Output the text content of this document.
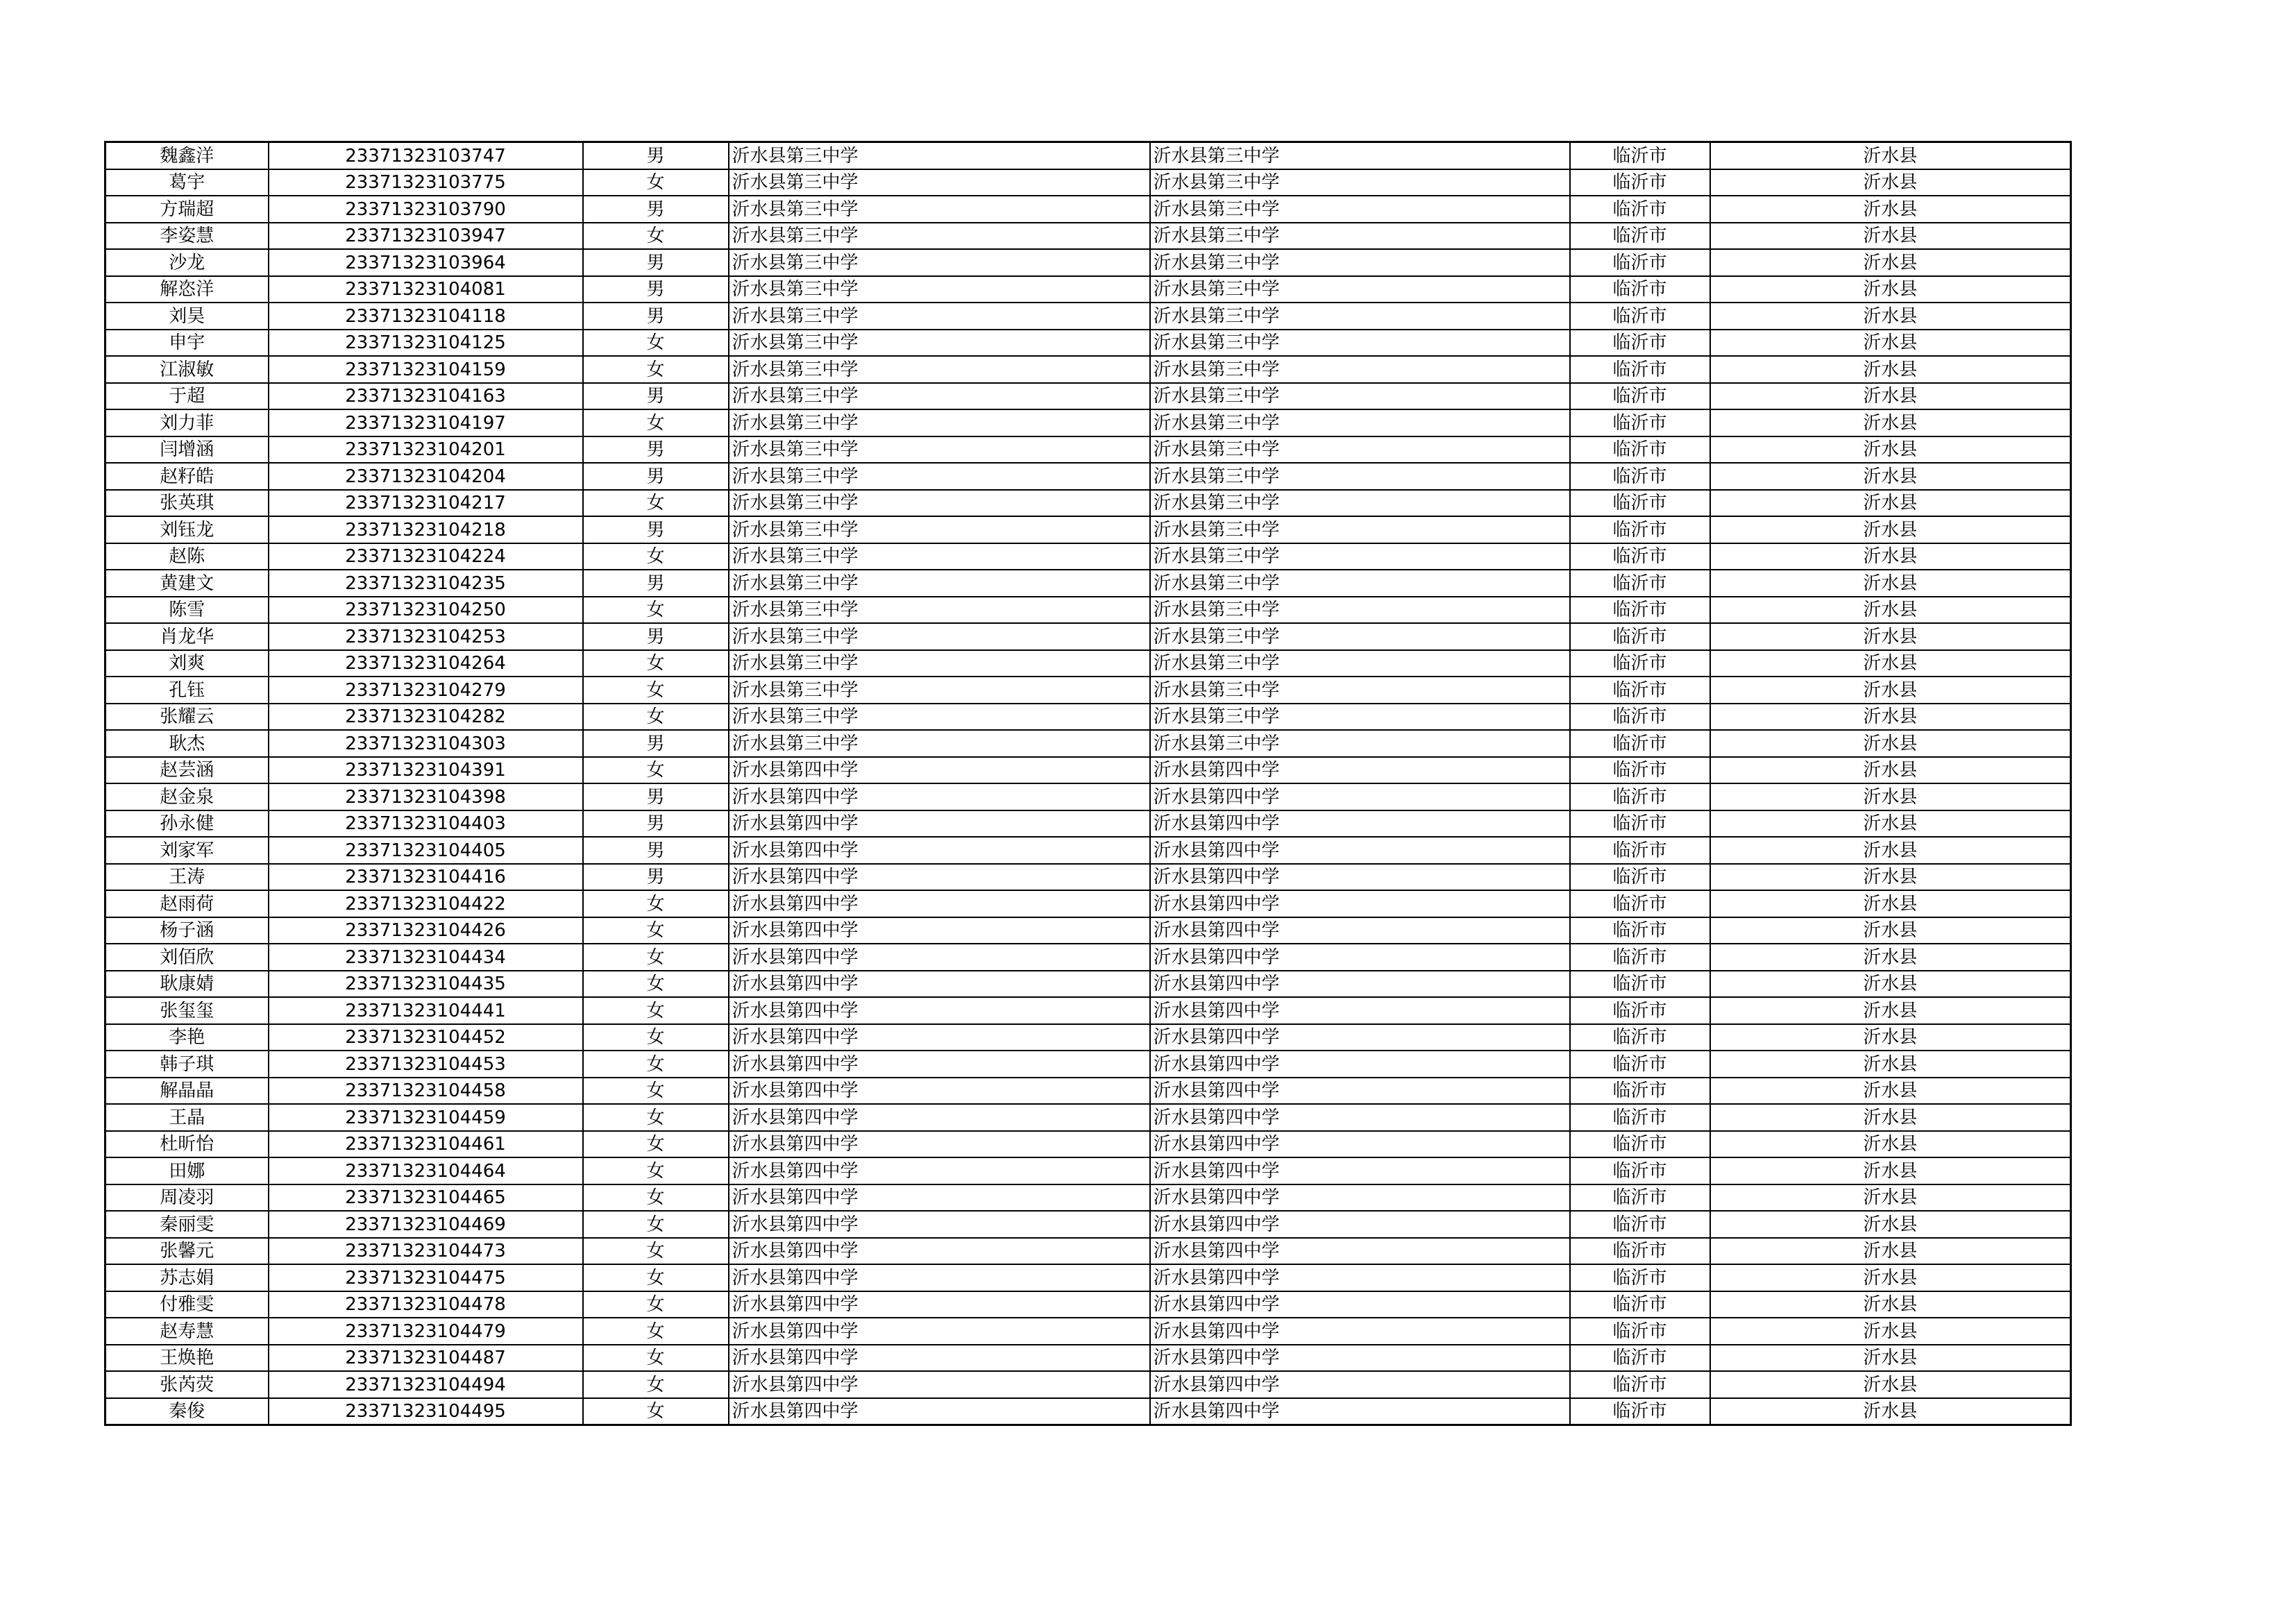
魏鑫洋	23371323103747	男	沂水县第三中学	沂水县第三中学	临沂市	沂水县
葛宇	23371323103775	女	沂水县第三中学	沂水县第三中学	临沂市	沂水县
方瑞超	23371323103790	男	沂水县第三中学	沂水县第三中学	临沂市	沂水县
李姿慧	23371323103947	女	沂水县第三中学	沂水县第三中学	临沂市	沂水县
沙龙	23371323103964	男	沂水县第三中学	沂水县第三中学	临沂市	沂水县
解恣洋	23371323104081	男	沂水县第三中学	沂水县第三中学	临沂市	沂水县
刘昊	23371323104118	男	沂水县第三中学	沂水县第三中学	临沂市	沂水县
申宇	23371323104125	女	沂水县第三中学	沂水县第三中学	临沂市	沂水县
江淑敏	23371323104159	女	沂水县第三中学	沂水县第三中学	临沂市	沂水县
于超	23371323104163	男	沂水县第三中学	沂水县第三中学	临沂市	沂水县
刘力菲	23371323104197	女	沂水县第三中学	沂水县第三中学	临沂市	沂水县
闫增涵	23371323104201	男	沂水县第三中学	沂水县第三中学	临沂市	沂水县
赵籽皓	23371323104204	男	沂水县第三中学	沂水县第三中学	临沂市	沂水县
张英琪	23371323104217	女	沂水县第三中学	沂水县第三中学	临沂市	沂水县
刘钰龙	23371323104218	男	沂水县第三中学	沂水县第三中学	临沂市	沂水县
赵陈	23371323104224	女	沂水县第三中学	沂水县第三中学	临沂市	沂水县
黄建文	23371323104235	男	沂水县第三中学	沂水县第三中学	临沂市	沂水县
陈雪	23371323104250	女	沂水县第三中学	沂水县第三中学	临沂市	沂水县
肖龙华	23371323104253	男	沂水县第三中学	沂水县第三中学	临沂市	沂水县
刘爽	23371323104264	女	沂水县第三中学	沂水县第三中学	临沂市	沂水县
孔钰	23371323104279	女	沂水县第三中学	沂水县第三中学	临沂市	沂水县
张耀云	23371323104282	女	沂水县第三中学	沂水县第三中学	临沂市	沂水县
耿杰	23371323104303	男	沂水县第三中学	沂水县第三中学	临沂市	沂水县
赵芸涵	23371323104391	女	沂水县第四中学	沂水县第四中学	临沂市	沂水县
赵金泉	23371323104398	男	沂水县第四中学	沂水县第四中学	临沂市	沂水县
孙永健	23371323104403	男	沂水县第四中学	沂水县第四中学	临沂市	沂水县
刘家军	23371323104405	男	沂水县第四中学	沂水县第四中学	临沂市	沂水县
王涛	23371323104416	男	沂水县第四中学	沂水县第四中学	临沂市	沂水县
赵雨荷	23371323104422	女	沂水县第四中学	沂水县第四中学	临沂市	沂水县
杨子涵	23371323104426	女	沂水县第四中学	沂水县第四中学	临沂市	沂水县
刘佰欣	23371323104434	女	沂水县第四中学	沂水县第四中学	临沂市	沂水县
耿康婧	23371323104435	女	沂水县第四中学	沂水县第四中学	临沂市	沂水县
张玺玺	23371323104441	女	沂水县第四中学	沂水县第四中学	临沂市	沂水县
李艳	23371323104452	女	沂水县第四中学	沂水县第四中学	临沂市	沂水县
韩子琪	23371323104453	女	沂水县第四中学	沂水县第四中学	临沂市	沂水县
解晶晶	23371323104458	女	沂水县第四中学	沂水县第四中学	临沂市	沂水县
王晶	23371323104459	女	沂水县第四中学	沂水县第四中学	临沂市	沂水县
杜昕怡	23371323104461	女	沂水县第四中学	沂水县第四中学	临沂市	沂水县
田娜	23371323104464	女	沂水县第四中学	沂水县第四中学	临沂市	沂水县
周凌羽	23371323104465	女	沂水县第四中学	沂水县第四中学	临沂市	沂水县
秦丽雯	23371323104469	女	沂水县第四中学	沂水县第四中学	临沂市	沂水县
张馨元	23371323104473	女	沂水县第四中学	沂水县第四中学	临沂市	沂水县
苏志娟	23371323104475	女	沂水县第四中学	沂水县第四中学	临沂市	沂水县
付雅雯	23371323104478	女	沂水县第四中学	沂水县第四中学	临沂市	沂水县
赵寿慧	23371323104479	女	沂水县第四中学	沂水县第四中学	临沂市	沂水县
王焕艳	23371323104487	女	沂水县第四中学	沂水县第四中学	临沂市	沂水县
张芮荧	23371323104494	女	沂水县第四中学	沂水县第四中学	临沂市	沂水县
秦俊	23371323104495	女	沂水县第四中学	沂水县第四中学	临沂市	沂水县
